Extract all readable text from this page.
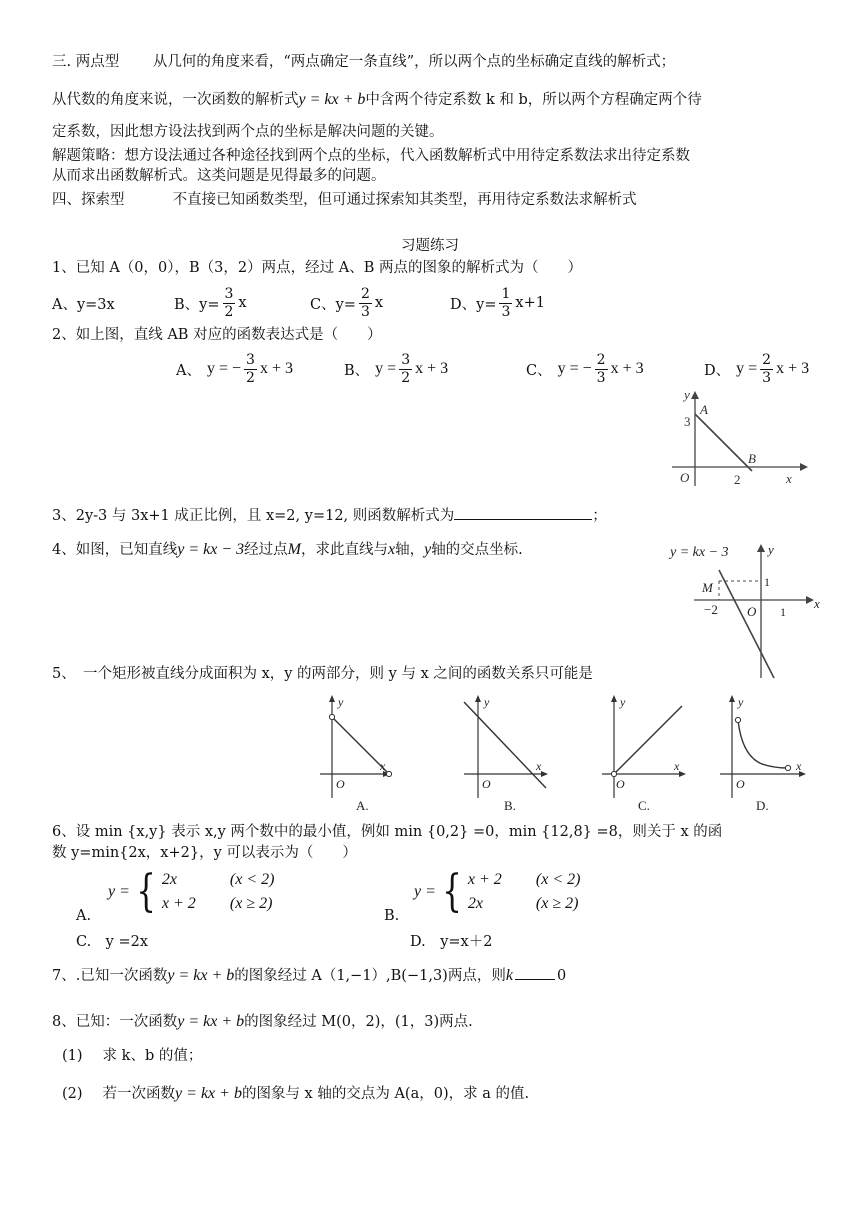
三. 两点型　　 从几何的角度来看，“两点确定一条直线”，所以两个点的坐标确定直线的解析式；
从代数的角度来说，一次函数的解析式y = kx + b中含两个待定系数 k 和 b，所以两个方程确定两个待
定系数，因此想方设法找到两个点的坐标是解决问题的关键。
解题策略：想方设法通过各种途径找到两个点的坐标，代入函数解析式中用待定系数法求出待定系数
从而求出函数解析式。这类问题是见得最多的问题。
四、探索型　　　 不直接已知函数类型，但可通过探索知其类型，再用待定系数法求解析式
习题练习
1、已知 A（0，0），B（3，2）两点，经过 A、B 两点的图象的解析式为（　　）
A、y=3x	B、$y= \frac{3}{2}$ x	C、$y= \frac{2}{3}$ x	D、$y= \frac{1}{3} x+1$
2、如上图，直线 AB 对应的函数表达式是（　　）
A、 y = − $\frac{3}{2}$ x + 3	B、 $y = \frac{3}{2}$ x + 3	C、 y = − $\frac{2}{3}$ x + 3	D、 $y = \frac{2}{3}$ x + 3
y
A
3
B
O	2	x
3、2y-3 与 3x+1 成正比例，且 x=2, y=12, 则函数解析式为	；
4、如图，已知直线y = kx − 3经过点M，求此直线与x轴，y轴的交点坐标.	y = kx − 3	y
1
M
−2 O 1
x
5、　一个矩形被直线分成面积为 x，y 的两部分，则 y 与 x 之间的函数关系只可能是
y
x
O
A.
y
x
O
B.
y
x
O
C.
y
x
O
D.
6、设 min {x,y} 表示 x,y 两个数中的最小值，例如 min {0,2} =0，min {12,8} =8，则关于 x 的函
数 y=min{2x，x+2}，y 可以表示为（　　）
y = { 2x	(x < 2)
x + 2 (x ≥ 2)
A.
y = { x + 2 (x < 2)
2x	(x ≥ 2)
B.
C.　y =2x	D.　y=x＋2
7、.已知一次函数y = kx + b的图象经过 A（1,−1）,B(−1,3)两点，则k	0
8、已知：一次函数y = kx + b的图象经过 M(0，2)，(1，3)两点.
(1) 求 k、b 的值；
(2) 若一次函数y = kx + b的图象与 x 轴的交点为 A(a，0)，求 a 的值.
